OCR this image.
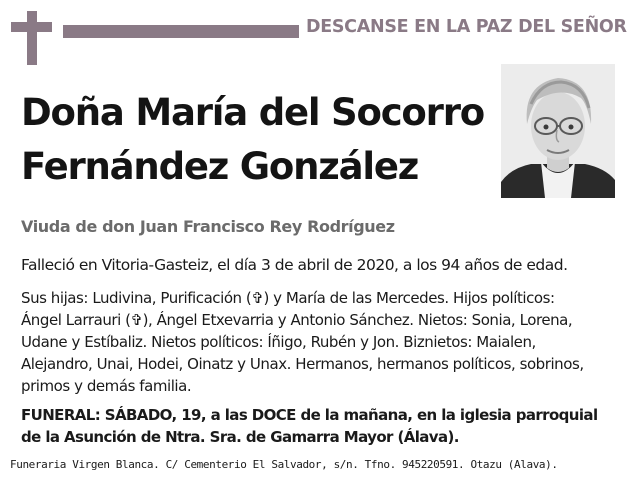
DESCANSE EN LA PAZ DEL SEÑOR
Doña María del Socorro
Fernández González
Viuda de don Juan Francisco Rey Rodríguez
Falleció en Vitoria-Gasteiz, el día 3 de abril de 2020, a los 94 años de edad.
Sus hijas: Ludivina, Purificación (✞) y María de las Mercedes. Hijos políticos:
Ángel Larrauri (✞), Ángel Etxevarria y Antonio Sánchez. Nietos: Sonia, Lorena,
Udane y Estíbaliz. Nietos políticos: Íñigo, Rubén y Jon. Biznietos: Maialen,
Alejandro, Unai, Hodei, Oinatz y Unax. Hermanos, hermanos políticos, sobrinos,
primos y demás familia.
FUNERAL: SÁBADO, 19, a las DOCE de la mañana, en la iglesia parroquial
de la Asunción de Ntra. Sra. de Gamarra Mayor (Álava).
Funeraria Virgen Blanca. C/ Cementerio El Salvador, s/n. Tfno. 945220591. Otazu (Alava).
